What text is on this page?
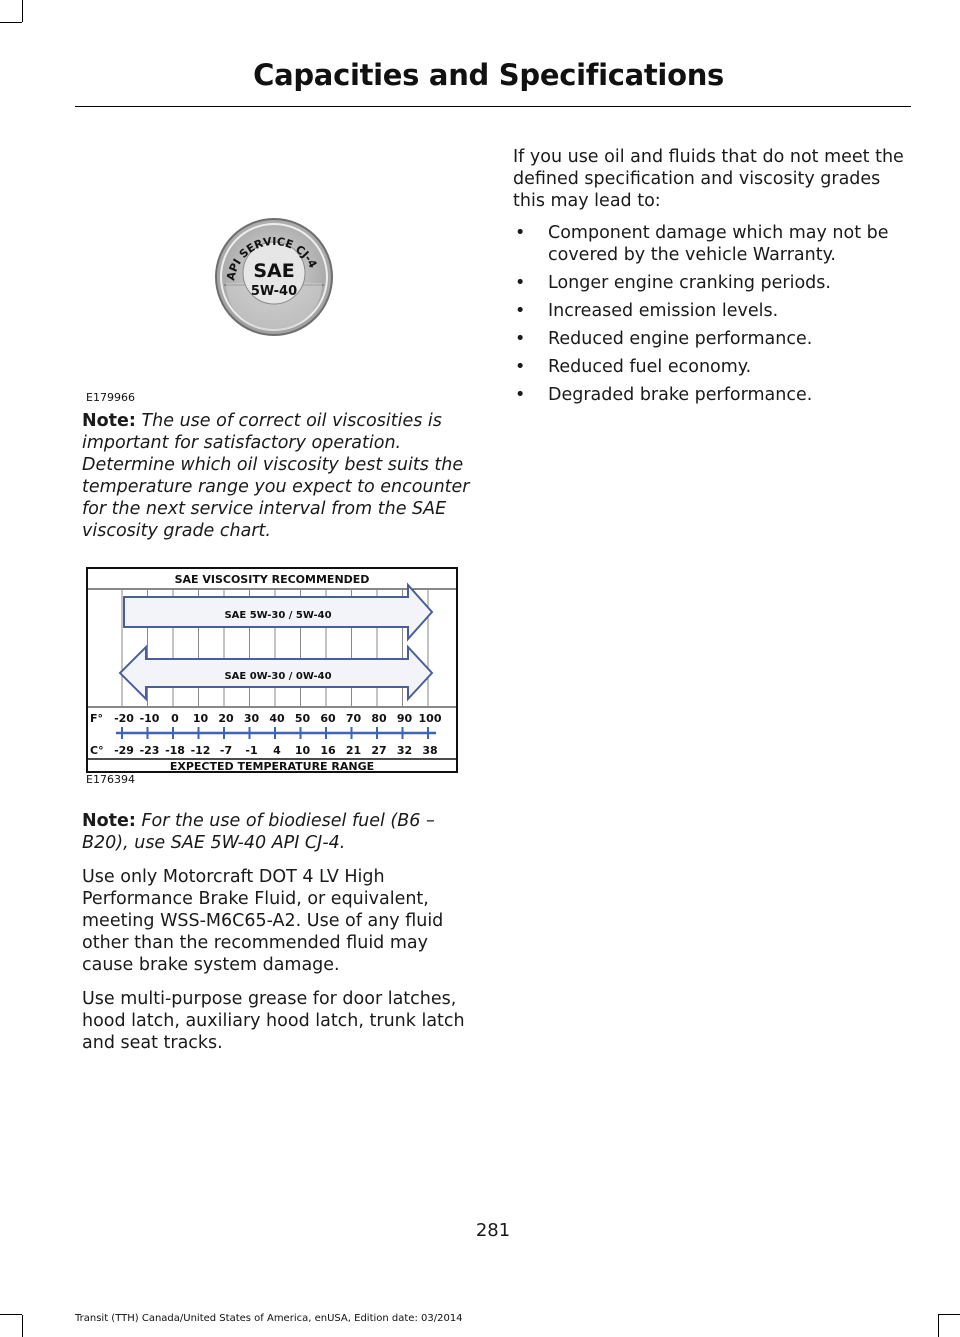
Capacities and Specifications
API SERVICE CJ-4
SAE
5W-40
E179966

Note: The use of correct oil viscosities is important for satisfactory operation. Determine which oil viscosity best suits the temperature range you expect to encounter for the next service interval from the SAE viscosity grade chart.

SAE VISCOSITY RECOMMENDED
SAE 5W-30 / 5W-40
SAE 0W-30 / 0W-40
F°
C°
-20 -10 0 10 20 30 40 50 60 70 80 90 100
-29 -23 -18 -12 -7 -1 4 10 16 21 27 32 38
EXPECTED TEMPERATURE RANGE
E176394

Note: For the use of biodiesel fuel (B6 – B20), use SAE 5W-40 API CJ-4.

Use only Motorcraft DOT 4 LV High Performance Brake Fluid, or equivalent, meeting WSS-M6C65-A2. Use of any fluid other than the recommended fluid may cause brake system damage.

Use multi-purpose grease for door latches, hood latch, auxiliary hood latch, trunk latch and seat tracks.

If you use oil and fluids that do not meet the defined specification and viscosity grades this may lead to:

• Component damage which may not be covered by the vehicle Warranty.
• Longer engine cranking periods.
• Increased emission levels.
• Reduced engine performance.
• Reduced fuel economy.
• Degraded brake performance.
281
Transit (TTH) Canada/United States of America, enUSA, Edition date: 03/2014
